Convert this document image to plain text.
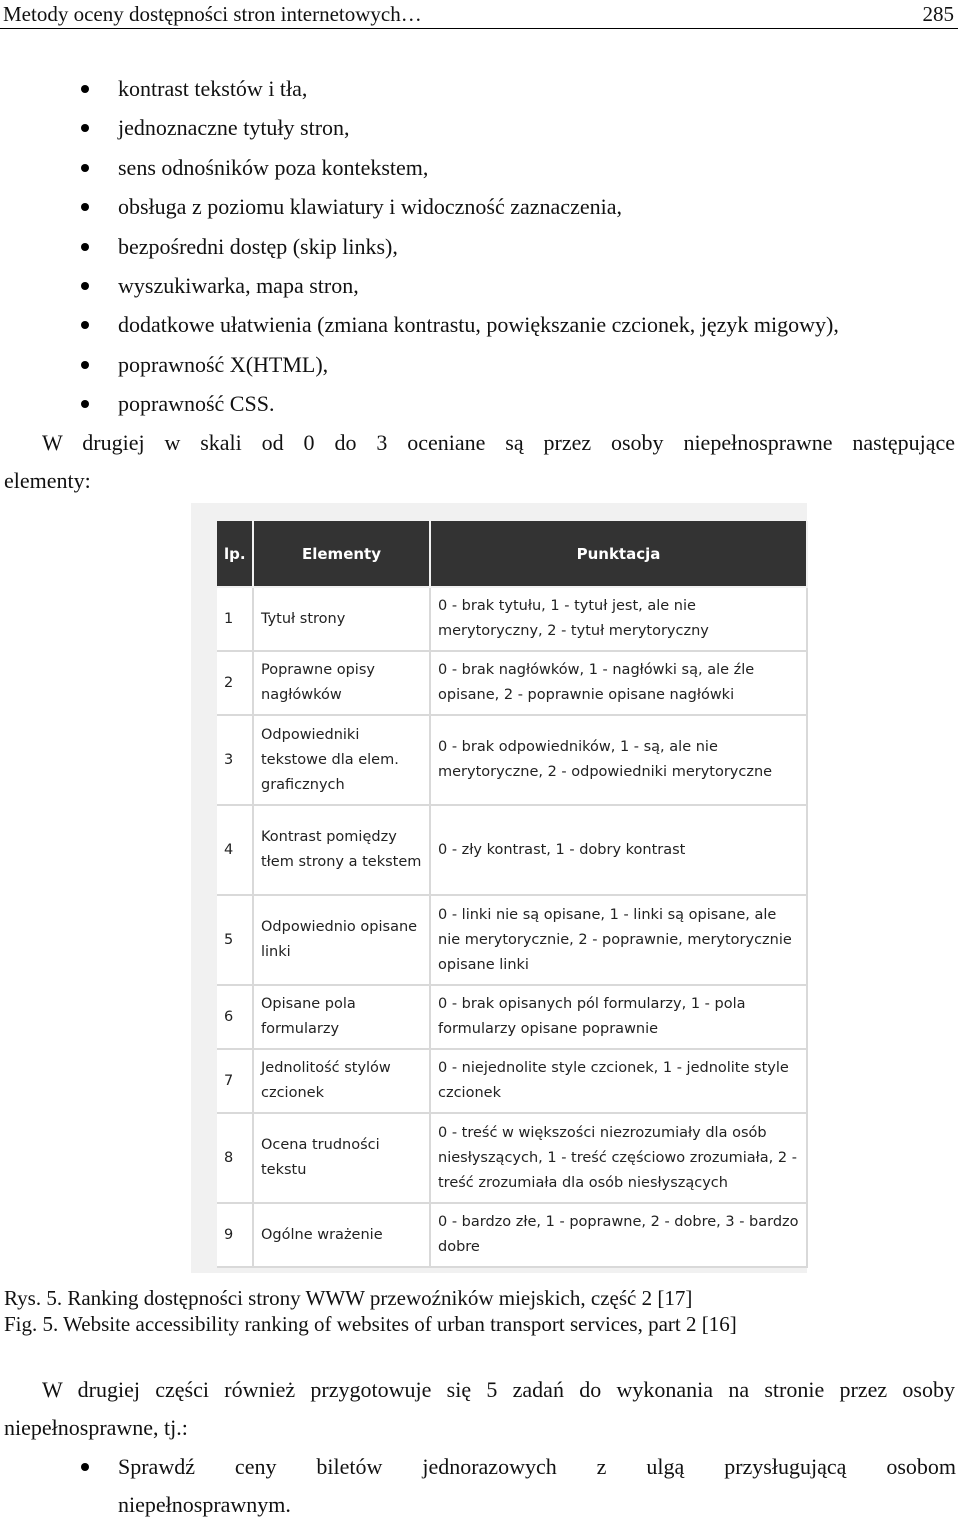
Metody oceny dostępności stron internetowych…	285
kontrast tekstów i tła,
jednoznaczne tytuły stron,
sens odnośników poza kontekstem,
obsługa z poziomu klawiatury i widoczność zaznaczenia,
bezpośredni dostęp (skip links),
wyszukiwarka, mapa stron,
dodatkowe ułatwienia (zmiana kontrastu, powiększanie czcionek, język migowy),
poprawność X(HTML),
poprawność CSS.
W drugiej w skali od 0 do 3 oceniane są przez osoby niepełnosprawne następujące
elementy:
lp.	Elementy	Punktacja
1	Tytuł strony	0 - brak tytułu, 1 - tytuł jest, ale nie merytoryczny, 2 - tytuł merytoryczny
2	Poprawne opisy nagłówków	0 - brak nagłówków, 1 - nagłówki są, ale źle opisane, 2 - poprawnie opisane nagłówki
3	Odpowiedniki tekstowe dla elem. graficznych	0 - brak odpowiedników, 1 - są, ale nie merytoryczne, 2 - odpowiedniki merytoryczne
4	Kontrast pomiędzy tłem strony a tekstem	0 - zły kontrast, 1 - dobry kontrast
5	Odpowiednio opisane linki	0 - linki nie są opisane, 1 - linki są opisane, ale nie merytorycznie, 2 - poprawnie, merytorycznie opisane linki
6	Opisane pola formularzy	0 - brak opisanych pól formularzy, 1 - pola formularzy opisane poprawnie
7	Jednolitość stylów czcionek	0 - niejednolite style czcionek, 1 - jednolite style czcionek
8	Ocena trudności tekstu	0 - treść w większości niezrozumiały dla osób niesłyszących, 1 - treść częściowo zrozumiała, 2 - treść zrozumiała dla osób niesłyszących
9	Ogólne wrażenie	0 - bardzo złe, 1 - poprawne, 2 - dobre, 3 - bardzo dobre
Rys. 5. Ranking dostępności strony WWW przewoźników miejskich, część 2 [17]
Fig. 5. Website accessibility ranking of websites of urban transport services, part 2 [16]
W drugiej części również przygotowuje się 5 zadań do wykonania na stronie przez osoby
niepełnosprawne, tj.:
Sprawdź ceny biletów jednorazowych z ulgą przysługującą osobom
niepełnosprawnym.
